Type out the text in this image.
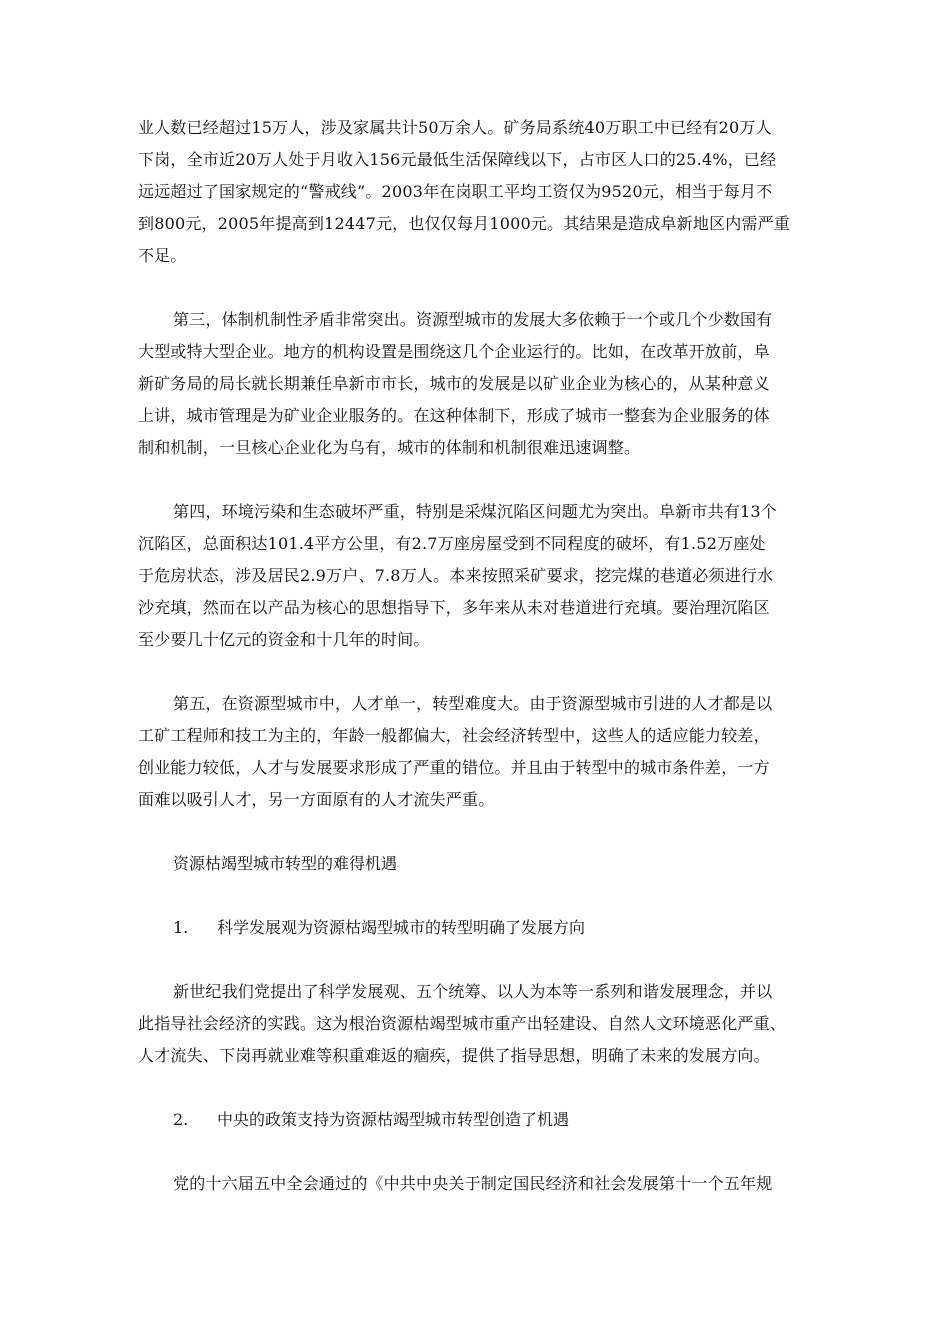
业人数已经超过15万人，涉及家属共计50万余人。矿务局系统40万职工中已经有20万人
下岗，全市近20万人处于月收入156元最低生活保障线以下，占市区人口的25.4%，已经
远远超过了国家规定的“警戒线”。2003年在岗职工平均工资仅为9520元，相当于每月不
到800元，2005年提高到12447元，也仅仅每月1000元。其结果是造成阜新地区内需严重
不足。
第三，体制机制性矛盾非常突出。资源型城市的发展大多依赖于一个或几个少数国有
大型或特大型企业。地方的机构设置是围绕这几个企业运行的。比如，在改革开放前，阜
新矿务局的局长就长期兼任阜新市市长，城市的发展是以矿业企业为核心的，从某种意义
上讲，城市管理是为矿业企业服务的。在这种体制下，形成了城市一整套为企业服务的体
制和机制，一旦核心企业化为乌有，城市的体制和机制很难迅速调整。
第四，环境污染和生态破坏严重，特别是采煤沉陷区问题尤为突出。阜新市共有13个
沉陷区，总面积达101.4平方公里，有2.7万座房屋受到不同程度的破坏，有1.52万座处
于危房状态，涉及居民2.9万户、7.8万人。本来按照采矿要求，挖完煤的巷道必须进行水
沙充填，然而在以产品为核心的思想指导下，多年来从未对巷道进行充填。要治理沉陷区
至少要几十亿元的资金和十几年的时间。
第五，在资源型城市中，人才单一，转型难度大。由于资源型城市引进的人才都是以
工矿工程师和技工为主的，年龄一般都偏大，社会经济转型中，这些人的适应能力较差，
创业能力较低，人才与发展要求形成了严重的错位。并且由于转型中的城市条件差，一方
面难以吸引人才，另一方面原有的人才流失严重。
资源枯竭型城市转型的难得机遇
1. 科学发展观为资源枯竭型城市的转型明确了发展方向
新世纪我们党提出了科学发展观、五个统筹、以人为本等一系列和谐发展理念，并以
此指导社会经济的实践。这为根治资源枯竭型城市重产出轻建设、自然人文环境恶化严重、
人才流失、下岗再就业难等积重难返的痼疾，提供了指导思想，明确了未来的发展方向。
2. 中央的政策支持为资源枯竭型城市转型创造了机遇
党的十六届五中全会通过的《中共中央关于制定国民经济和社会发展第十一个五年规
